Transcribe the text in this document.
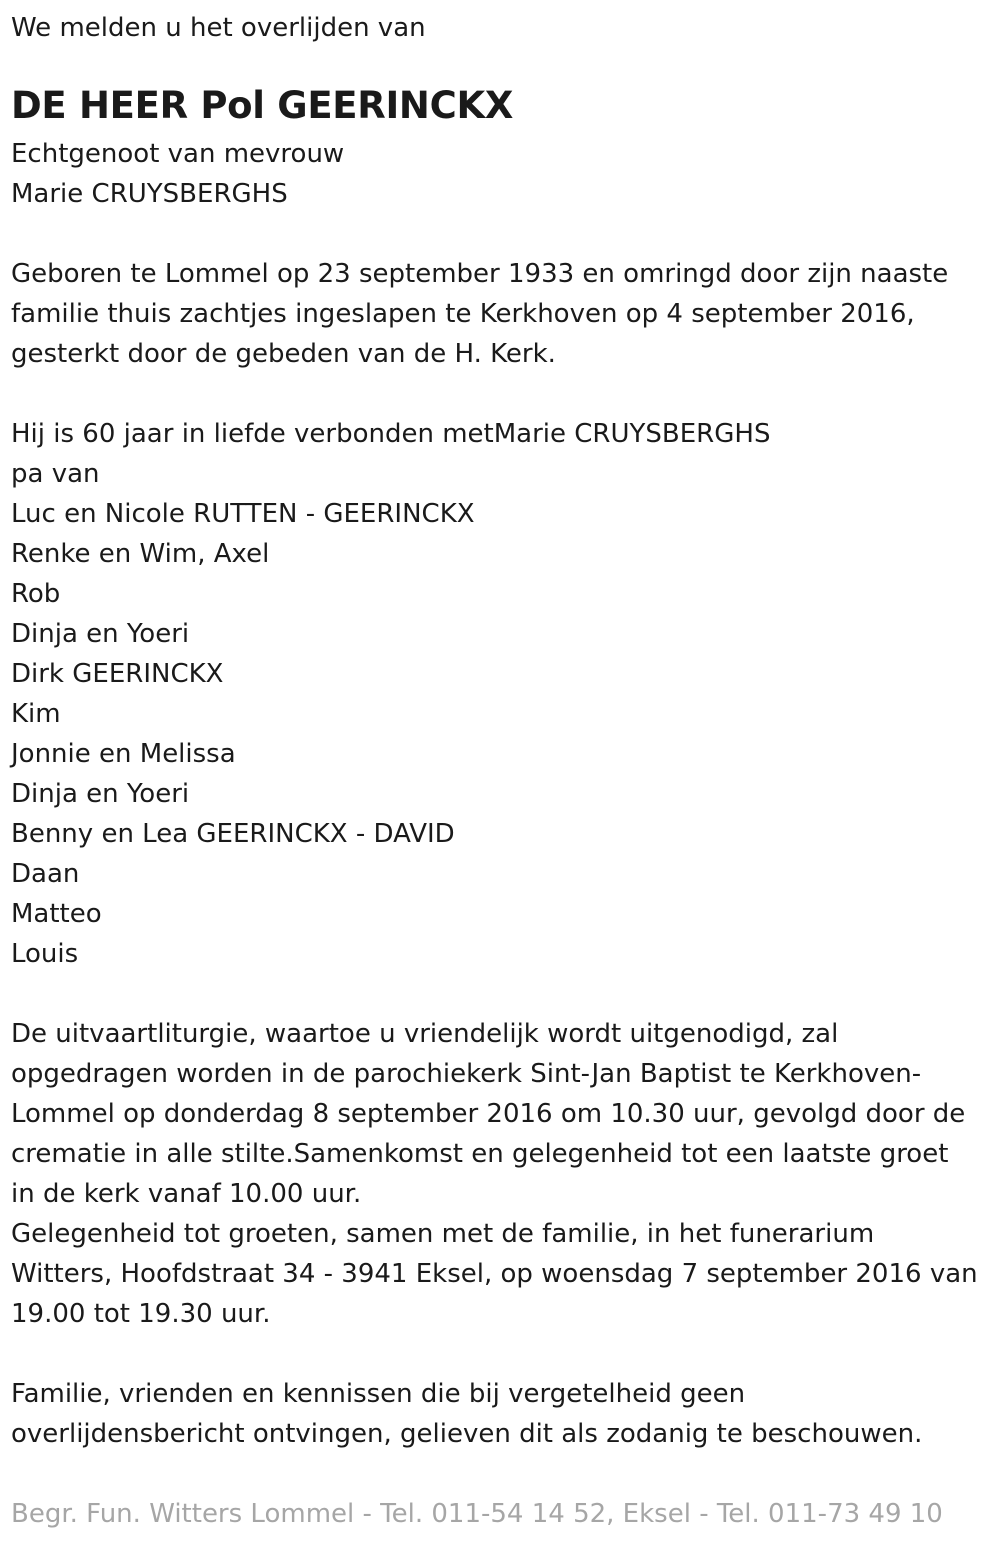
We melden u het overlijden van
DE HEER Pol GEERINCKX
Echtgenoot van mevrouw
Marie CRUYSBERGHS
Geboren te Lommel op 23 september 1933 en omringd door zijn naaste
familie thuis zachtjes ingeslapen te Kerkhoven op 4 september 2016,
gesterkt door de gebeden van de H. Kerk.
Hij is 60 jaar in liefde verbonden metMarie CRUYSBERGHS
pa van
Luc en Nicole RUTTEN - GEERINCKX
Renke en Wim, Axel
Rob
Dinja en Yoeri
Dirk GEERINCKX
Kim
Jonnie en Melissa
Dinja en Yoeri
Benny en Lea GEERINCKX - DAVID
Daan
Matteo
Louis
De uitvaartliturgie, waartoe u vriendelijk wordt uitgenodigd, zal
opgedragen worden in de parochiekerk Sint-Jan Baptist te Kerkhoven-
Lommel op donderdag 8 september 2016 om 10.30 uur, gevolgd door de
crematie in alle stilte.Samenkomst en gelegenheid tot een laatste groet
in de kerk vanaf 10.00 uur.
Gelegenheid tot groeten, samen met de familie, in het funerarium
Witters, Hoofdstraat 34 - 3941 Eksel, op woensdag 7 september 2016 van
19.00 tot 19.30 uur.
Familie, vrienden en kennissen die bij vergetelheid geen
overlijdensbericht ontvingen, gelieven dit als zodanig te beschouwen.
Begr. Fun. Witters Lommel - Tel. 011-54 14 52, Eksel - Tel. 011-73 49 10
